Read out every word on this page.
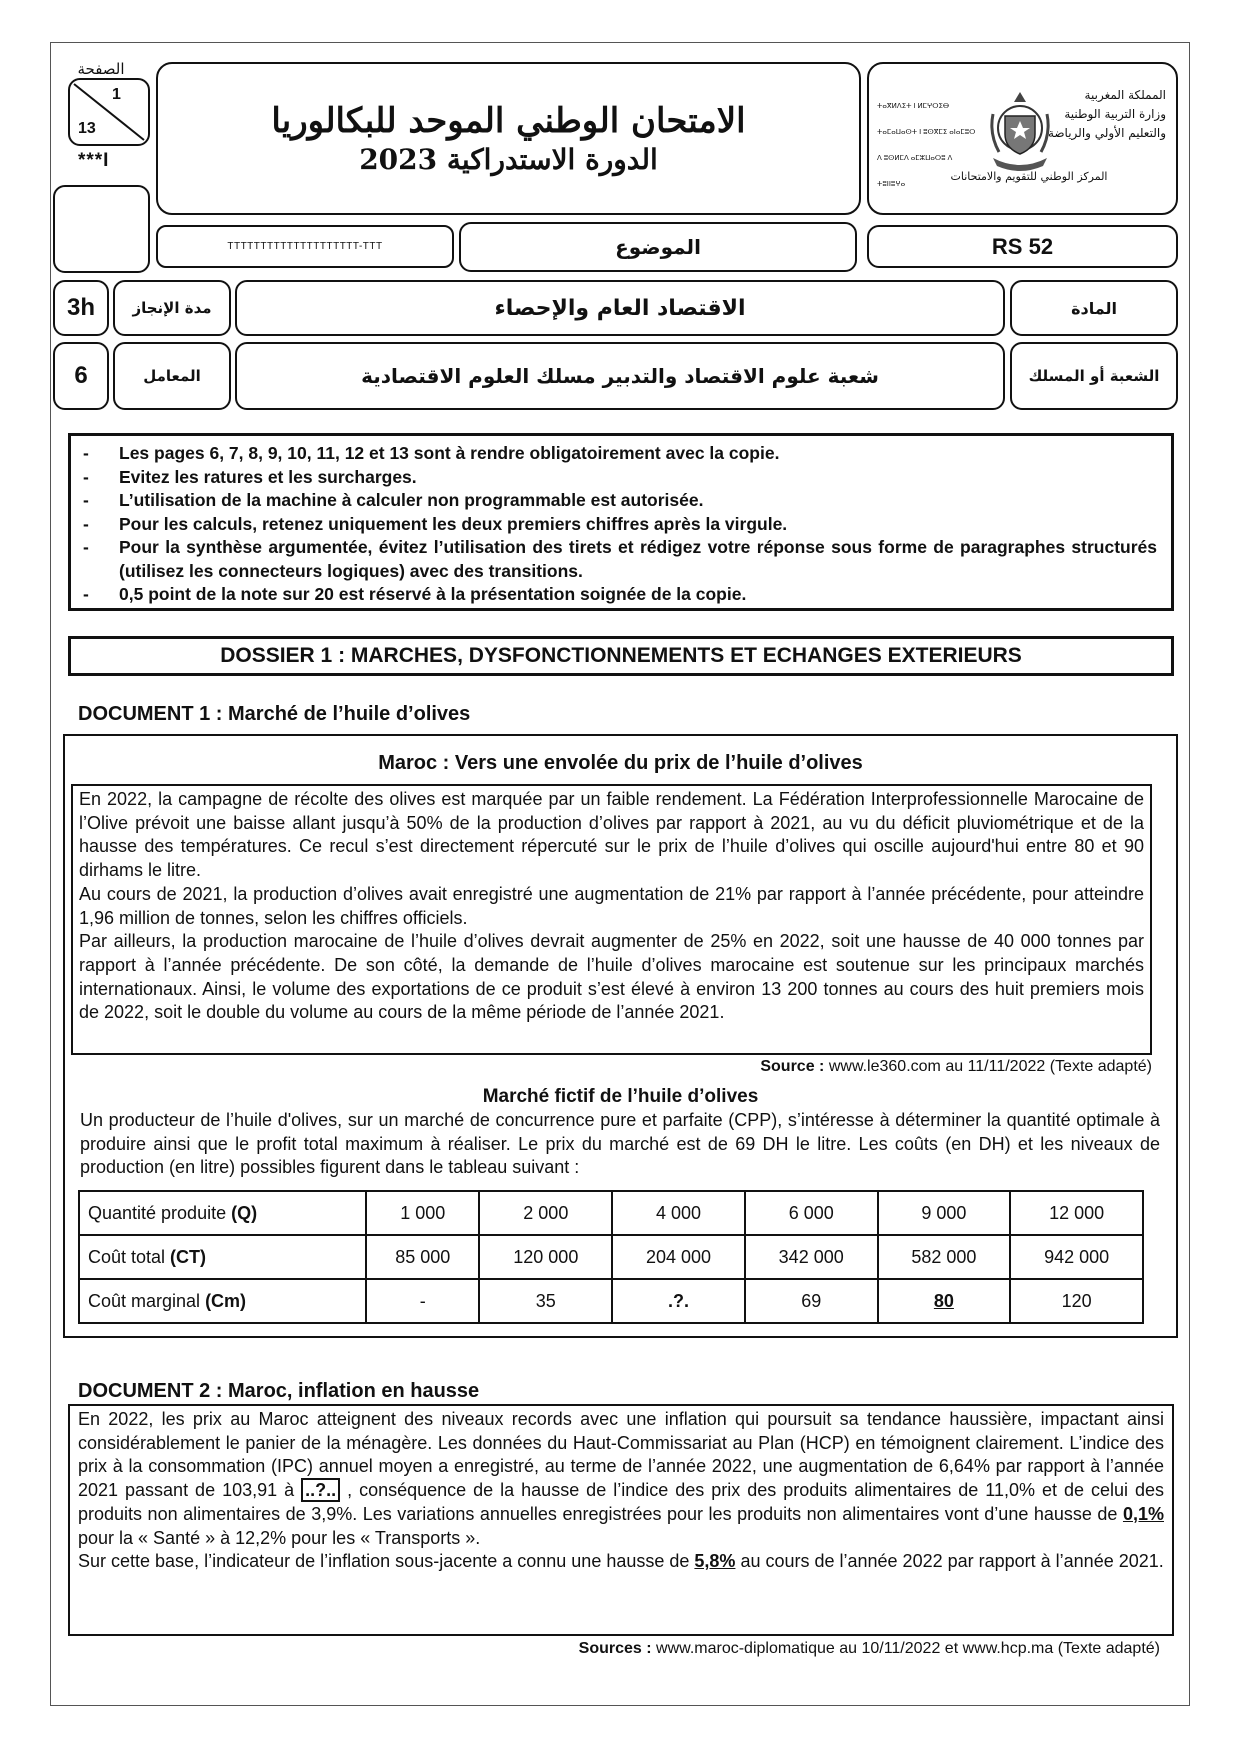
الصفحة
1
13
***I
الامتحان الوطني الموحد للبكالوريا
الدورة الاستدراكية 2023
ⵜⴰⴳⵍⴷⵉⵜ ⵏ ⵍⵎⵖⵔⵉⴱ
ⵜⴰⵎⴰⵡⴰⵙⵜ ⵏ ⵓⵙⴳⵎⵉ ⴰⵏⴰⵎⵓⵔ
ⴷ ⵓⵙⵍⵎⴷ ⴰⵎⵣⵡⴰⵔⵓ ⴷ ⵜⵓⵏⵏⵓⵖⴰ
المملكة المغربية
وزارة التربية الوطنية
والتعليم الأولي والرياضة
المركز الوطني للتقويم والامتحانات
TTTTTTTTTTTTTTTTTTTT-TTT	الموضوع	RS 52
3h	مدة الإنجاز	الاقتصاد العام والإحصاء	المادة
6	المعامل	شعبة علوم الاقتصاد والتدبير مسلك العلوم الاقتصادية	الشعبة أو المسلك
-	Les pages 6, 7, 8, 9, 10, 11, 12 et 13 sont à rendre obligatoirement avec la copie.
-	Evitez les ratures et les surcharges.
-	L’utilisation de la machine à calculer non programmable est autorisée.
-	Pour les calculs, retenez uniquement les deux premiers chiffres après la virgule.
-	Pour la synthèse argumentée, évitez l’utilisation des tirets et rédigez votre réponse sous forme de paragraphes structurés (utilisez les connecteurs logiques) avec des transitions.
-	0,5 point de la note sur 20 est réservé à la présentation soignée de la copie.
DOSSIER 1 : MARCHES, DYSFONCTIONNEMENTS ET ECHANGES EXTERIEURS
DOCUMENT 1 : Marché de l’huile d’olives
Maroc : Vers une envolée du prix de l’huile d’olives

En 2022, la campagne de récolte des olives est marquée par un faible rendement. La Fédération Interprofessionnelle Marocaine de l’Olive prévoit une baisse allant jusqu’à 50% de la production d’olives par rapport à 2021, au vu du déficit pluviométrique et de la hausse des températures. Ce recul s’est directement répercuté sur le prix de l’huile d’olives qui oscille aujourd'hui entre 80 et 90 dirhams le litre.

Au cours de 2021, la production d’olives avait enregistré une augmentation de 21% par rapport à l’année précédente, pour atteindre 1,96 million de tonnes, selon les chiffres officiels.

Par ailleurs, la production marocaine de l’huile d’olives devrait augmenter de 25% en 2022, soit une hausse de 40 000 tonnes par rapport à l’année précédente. De son côté, la demande de l’huile d’olives marocaine est soutenue sur les principaux marchés internationaux. Ainsi, le volume des exportations de ce produit s’est élevé à environ 13 200 tonnes au cours des huit premiers mois de 2022, soit le double du volume au cours de la même période de l’année 2021.

Source : www.le360.com au 11/11/2022 (Texte adapté)
Marché fictif de l’huile d’olives

Un producteur de l’huile d'olives, sur un marché de concurrence pure et parfaite (CPP), s’intéresse à déterminer la quantité optimale à produire ainsi que le profit total maximum à réaliser. Le prix du marché est de 69 DH le litre. Les coûts (en DH) et les niveaux de production (en litre) possibles figurent dans le tableau suivant :

Quantité produite (Q)	1 000	2 000	4 000	6 000	9 000	12 000
Coût total (CT)	85 000	120 000	204 000	342 000	582 000	942 000
Coût marginal (Cm)	-	35	.?.	69	80	120
DOCUMENT 2 : Maroc, inflation en hausse

En 2022, les prix au Maroc atteignent des niveaux records avec une inflation qui poursuit sa tendance haussière, impactant ainsi considérablement le panier de la ménagère. Les données du Haut-Commissariat au Plan (HCP) en témoignent clairement. L’indice des prix à la consommation (IPC) annuel moyen a enregistré, au terme de l’année 2022, une augmentation de 6,64% par rapport à l’année 2021 passant de 103,91 à ..?.. , conséquence de la hausse de l’indice des prix des produits alimentaires de 11,0% et de celui des produits non alimentaires de 3,9%. Les variations annuelles enregistrées pour les produits non alimentaires vont d’une hausse de 0,1% pour la « Santé » à 12,2% pour les « Transports ».

Sur cette base, l’indicateur de l’inflation sous-jacente a connu une hausse de 5,8% au cours de l’année 2022 par rapport à l’année 2021.

Sources : www.maroc-diplomatique au 10/11/2022 et www.hcp.ma (Texte adapté)
